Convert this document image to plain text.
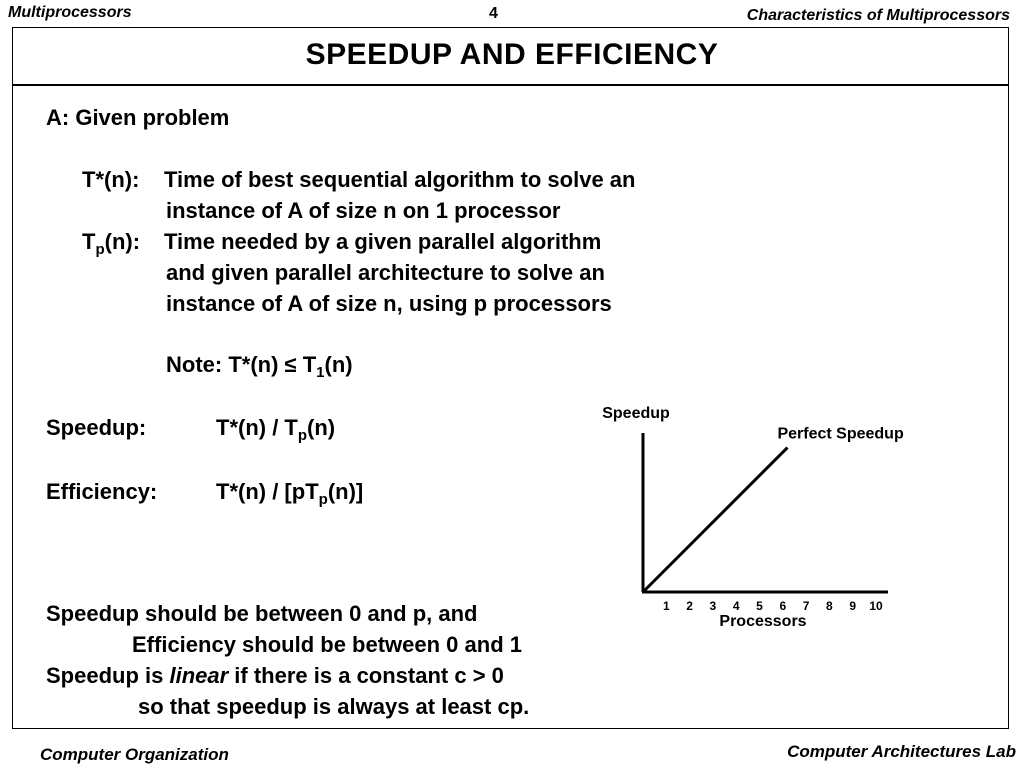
Multiprocessors	4	Characteristics of Multiprocessors
SPEEDUP AND EFFICIENCY
A: Given problem
T*(n): Time of best sequential algorithm to solve an
instance of A of size n on 1 processor
$T_p(n)$: Time needed by a given parallel algorithm
and given parallel architecture to solve an
instance of A of size n, using p processors
Note: $T*(n) \le T_1(n)$
Speedup:	$T*(n) / T_p(n)$
Efficiency:	$T*(n) / [pT_p(n)]$
Speedup should be between 0 and p, and
Efficiency should be between 0 and 1
Speedup is linear if there is a constant c > 0
so that speedup is always at least cp.
Speedup
Perfect Speedup
1 2 3 4 5 6 7 8 9 10
Processors
Computer Organization	Computer Architectures Lab
